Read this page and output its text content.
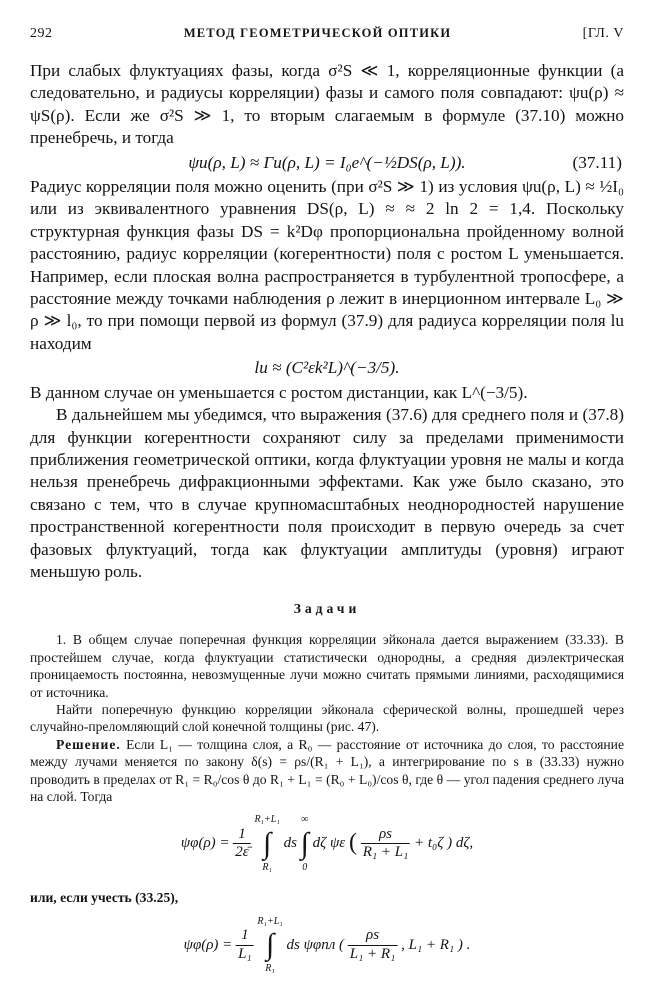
292	МЕТОД ГЕОМЕТРИЧЕСКОЙ ОПТИКИ	[ГЛ. V

При слабых флуктуациях фазы, когда σ²S ≪ 1, корреляционные функции (а следовательно, и радиусы корреляции) фазы и самого поля совпадают: ψu(ρ) ≈ ψS(ρ). Если же σ²S ≫ 1, то вторым слагаемым в формуле (37.10) можно пренебречь, и тогда

ψu(ρ, L) ≈ Γu(ρ, L) = I₀e^(−½DS(ρ, L)).	(37.11)

Радиус корреляции поля можно оценить (при σ²S ≫ 1) из условия ψu(ρ, L) ≈ ½I₀ или из эквивалентного уравнения DS(ρ, L) ≈ ≈ 2 ln 2 = 1,4. Поскольку структурная функция фазы DS = k²Dφ пропорциональна пройденному волной расстоянию, радиус корреляции (когерентности) поля с ростом L уменьшается. Например, если плоская волна распространяется в турбулентной тропосфере, а расстояние между точками наблюдения ρ лежит в инерционном интервале L₀ ≫ ρ ≫ l₀, то при помощи первой из формул (37.9) для радиуса корреляции поля lu находим

lu ≈ (C²εk²L)^(−3/5).

В данном случае он уменьшается с ростом дистанции, как L^(−3/5).

В дальнейшем мы убедимся, что выражения (37.6) для среднего поля и (37.8) для функции когерентности сохраняют силу за пределами применимости приближения геометрической оптики, когда флуктуации уровня не малы и когда нельзя пренебречь дифракционными эффектами. Как уже было сказано, это связано с тем, что в случае крупномасштабных неоднородностей нарушение пространственной когерентности поля происходит в первую очередь за счет фазовых флуктуаций, тогда как флуктуации амплитуды (уровня) играют меньшую роль.

Задачи

1. В общем случае поперечная функция корреляции эйконала дается выражением (33.33). В простейшем случае, когда флуктуации статистически однородны, а средняя диэлектрическая проницаемость постоянна, невозмущенные лучи можно считать прямыми линиями, расходящимися от источника.

Найти поперечную функцию корреляции эйконала сферической волны, прошедшей через случайно-преломляющий слой конечной толщины (рис. 47).

Решение. Если L₁ — толщина слоя, а R₀ — расстояние от источника до слоя, то расстояние между лучами меняется по закону δ(s) = ρs/(R₁ + L₁), а интегрирование по s в (33.33) нужно проводить в пределах от R₁ = R₀/cos θ до R₁ + L₁ = (R₀ + L₀)/cos θ, где θ — угол падения среднего луча на слой. Тогда

$\psi\varphi(\rho) = \frac{1}{2\varepsilon̄}$

R₁+L₁
∫
R₁
ds
∞
∫
0
dζ ψε ( $\frac{\rho s}{\text{R₁ + L₁}} + t_0\zeta$ ) dζ,

или, если учесть (33.25),

$\psi\varphi(\rho) = \frac{1}{\text{L₁}}$

R₁+L₁
∫
R₁
ds ψφпл ( $\frac{\rho s}{\text{L₁ + R₁}}$ , L₁ + R₁ ) .
